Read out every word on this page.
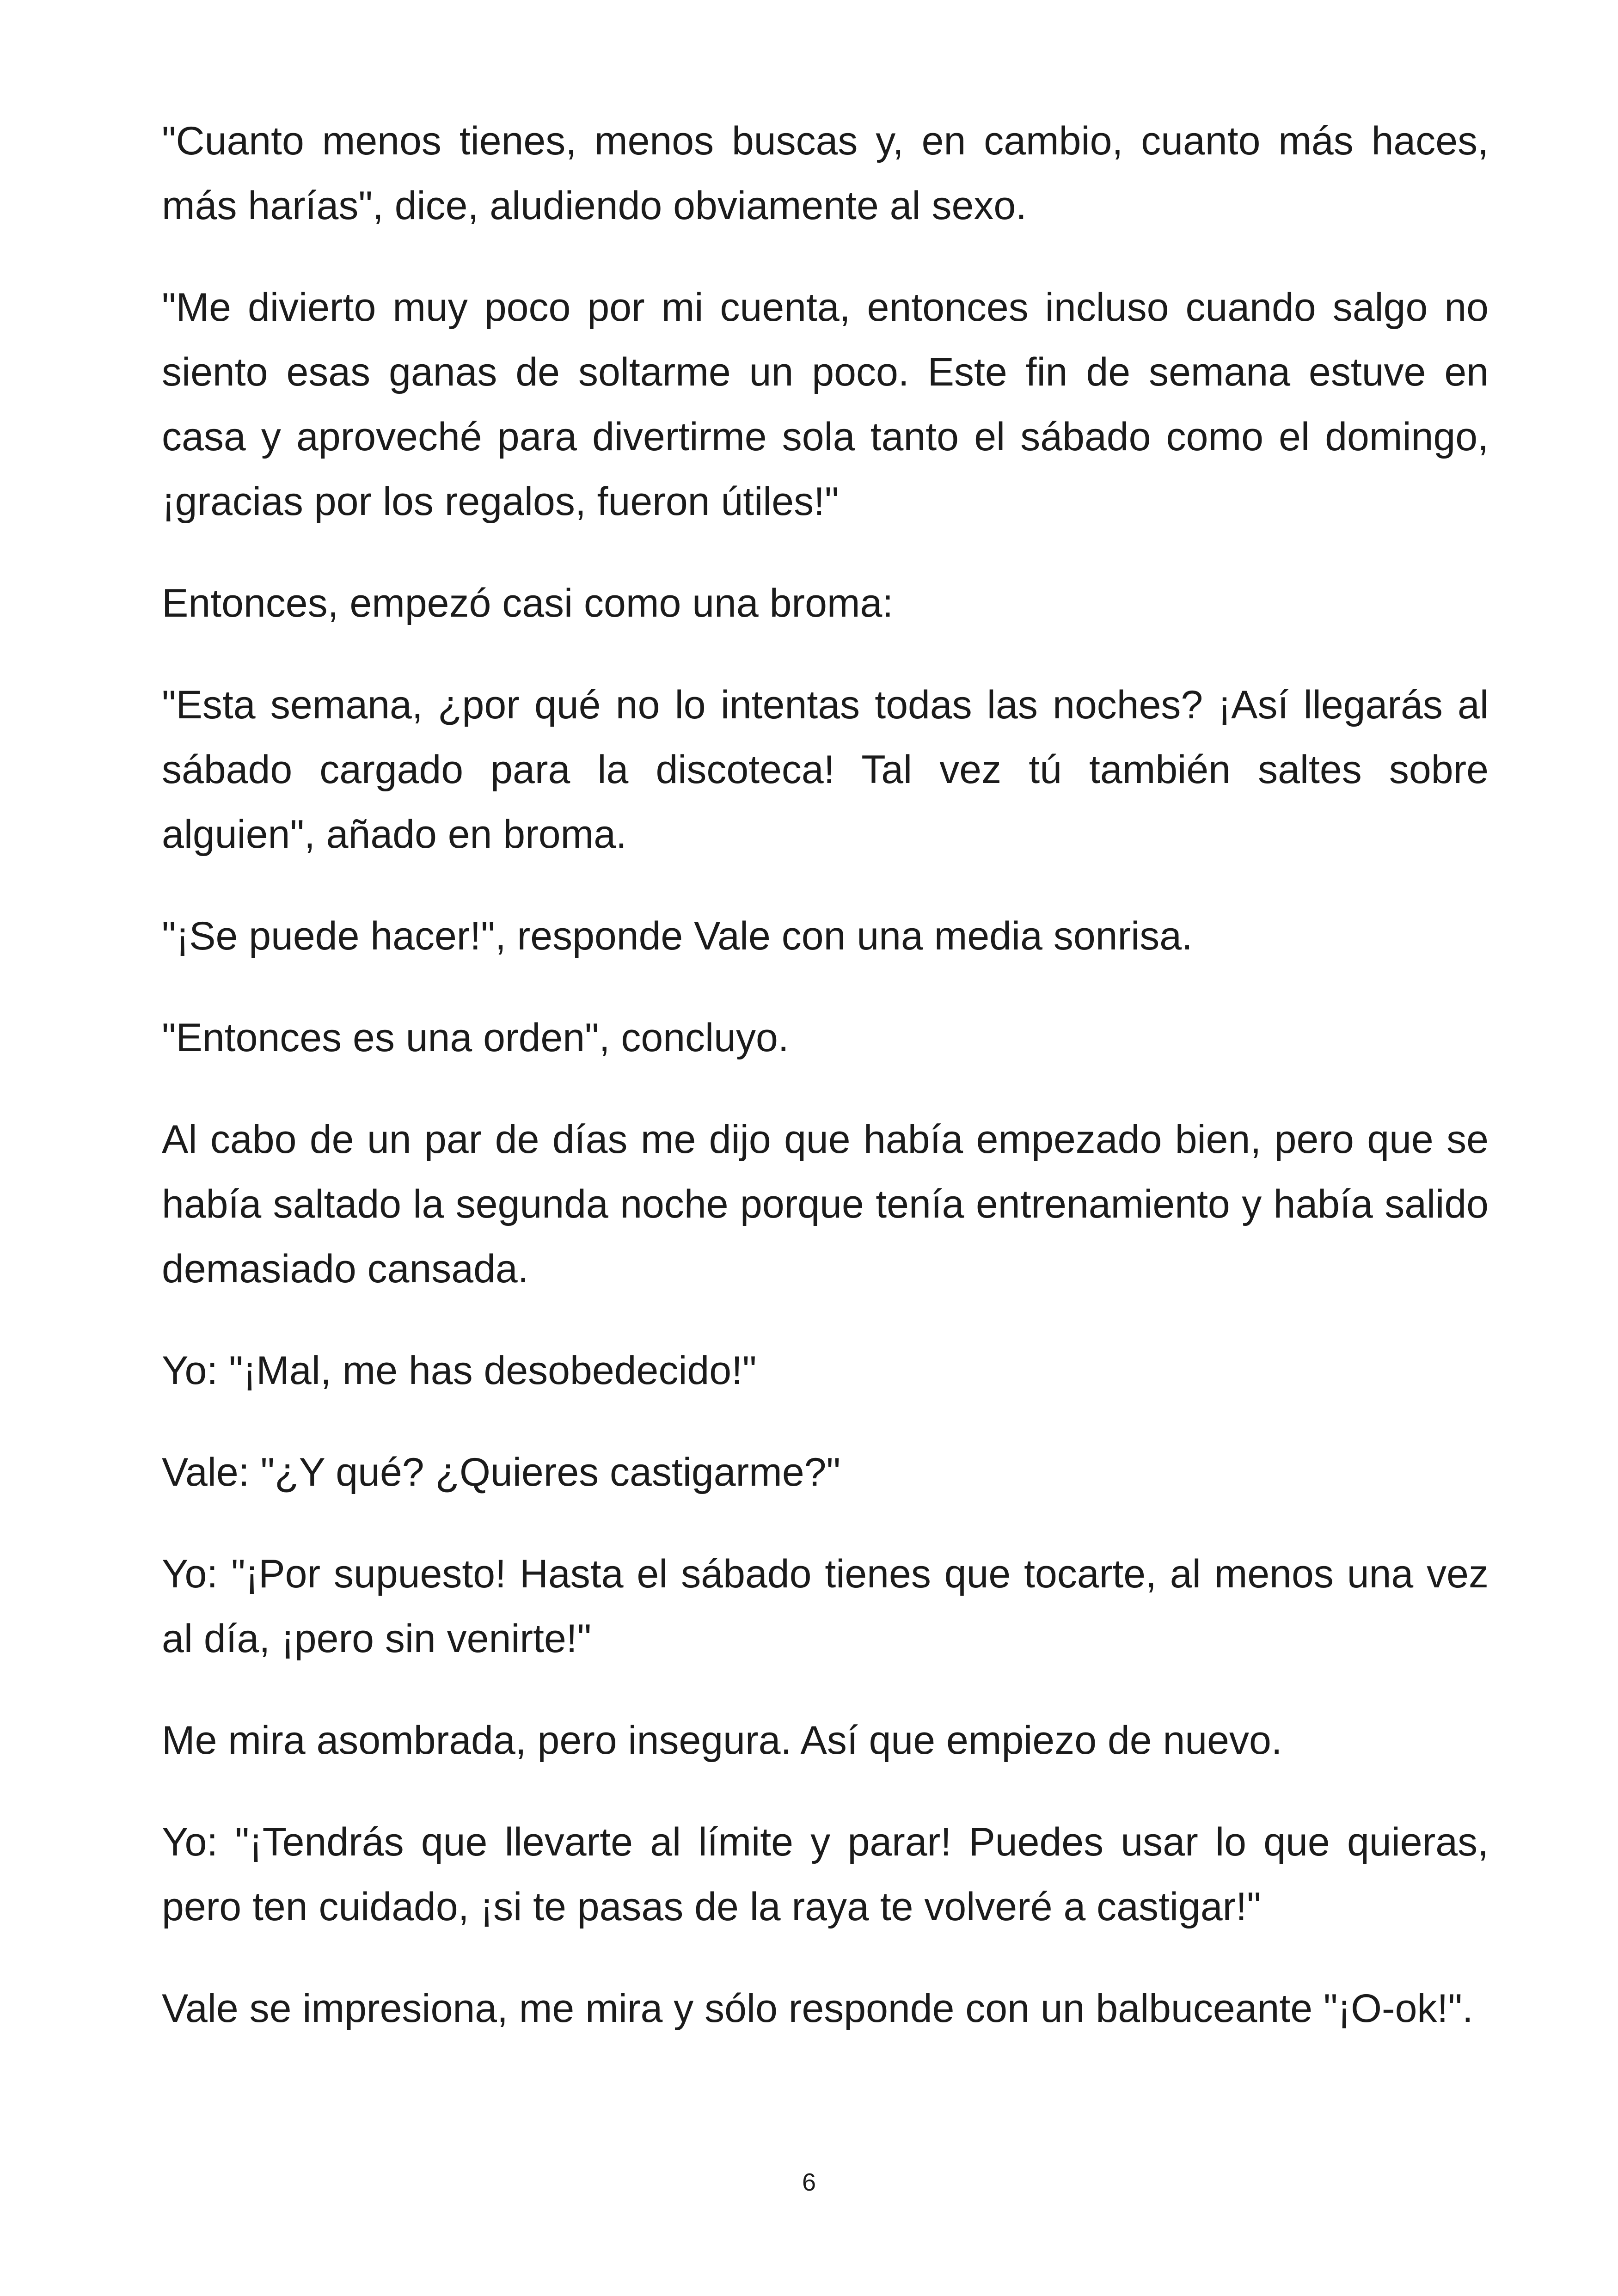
"Cuanto menos tienes, menos buscas y, en cambio, cuanto más haces, más harías", dice, aludiendo obviamente al sexo.

"Me divierto muy poco por mi cuenta, entonces incluso cuando salgo no siento esas ganas de soltarme un poco. Este fin de semana estuve en casa y aproveché para divertirme sola tanto el sábado como el domingo, ¡gracias por los regalos, fueron útiles!"

Entonces, empezó casi como una broma:

"Esta semana, ¿por qué no lo intentas todas las noches? ¡Así llegarás al sábado cargado para la discoteca! Tal vez tú también saltes sobre alguien", añado en broma.

"¡Se puede hacer!", responde Vale con una media sonrisa.

"Entonces es una orden", concluyo.

Al cabo de un par de días me dijo que había empezado bien, pero que se había saltado la segunda noche porque tenía entrenamiento y había salido demasiado cansada.

Yo: "¡Mal, me has desobedecido!"

Vale: "¿Y qué? ¿Quieres castigarme?"

Yo: "¡Por supuesto! Hasta el sábado tienes que tocarte, al menos una vez al día, ¡pero sin venirte!"

Me mira asombrada, pero insegura. Así que empiezo de nuevo.

Yo: "¡Tendrás que llevarte al límite y parar! Puedes usar lo que quieras, pero ten cuidado, ¡si te pasas de la raya te volveré a castigar!"

Vale se impresiona, me mira y sólo responde con un balbuceante "¡O-ok!".

6
